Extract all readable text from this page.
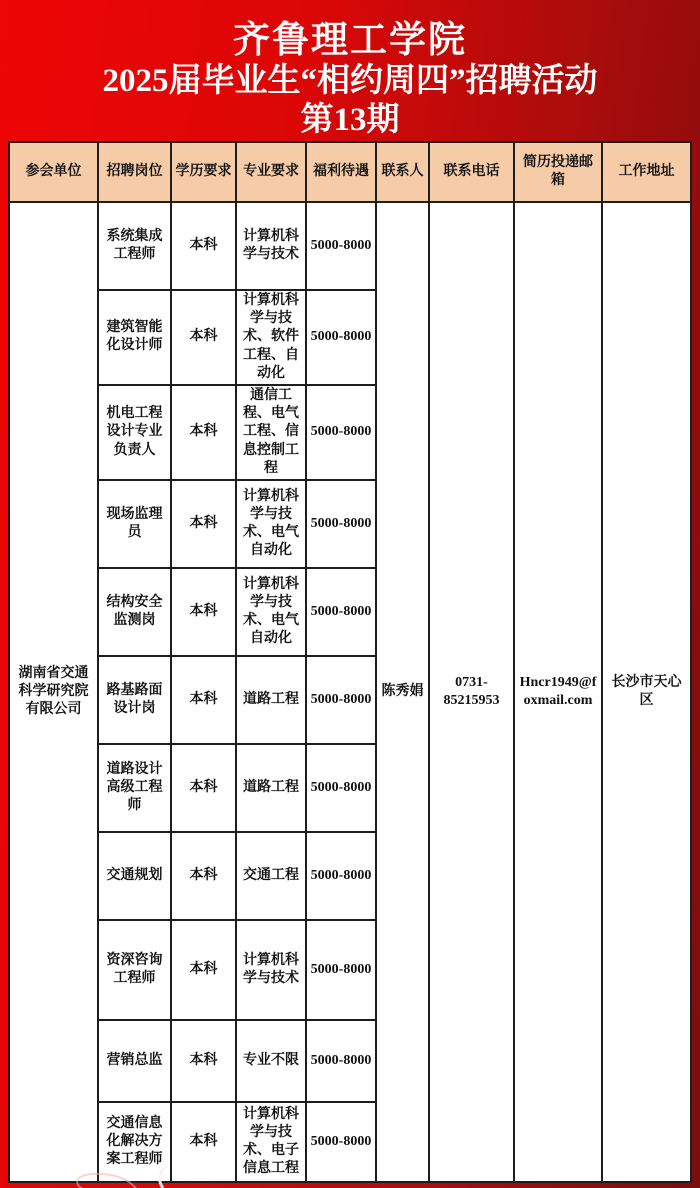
齐鲁理工学院
2025届毕业生“相约周四”招聘活动
第13期
参会单位	招聘岗位	学历要求	专业要求	福利待遇	联系人	联系电话	简历投递邮箱	工作地址
湖南省交通科学研究院有限公司	系统集成工程师	本科	计算机科学与技术	5000-8000	陈秀娟	0731-85215953	Hncr1949@foxmail.com	长沙市天心区
	建筑智能化设计师	本科	计算机科学与技术、软件工程、自动化	5000-8000				
	机电工程设计专业负责人	本科	通信工程、电气工程、信息控制工程	5000-8000				
	现场监理员	本科	计算机科学与技术、电气自动化	5000-8000				
	结构安全监测岗	本科	计算机科学与技术、电气自动化	5000-8000				
	路基路面设计岗	本科	道路工程	5000-8000				
	道路设计高级工程师	本科	道路工程	5000-8000				
	交通规划	本科	交通工程	5000-8000				
	资深咨询工程师	本科	计算机科学与技术	5000-8000				
	营销总监	本科	专业不限	5000-8000				
	交通信息化解决方案工程师	本科	计算机科学与技术、电子信息工程	5000-8000				
